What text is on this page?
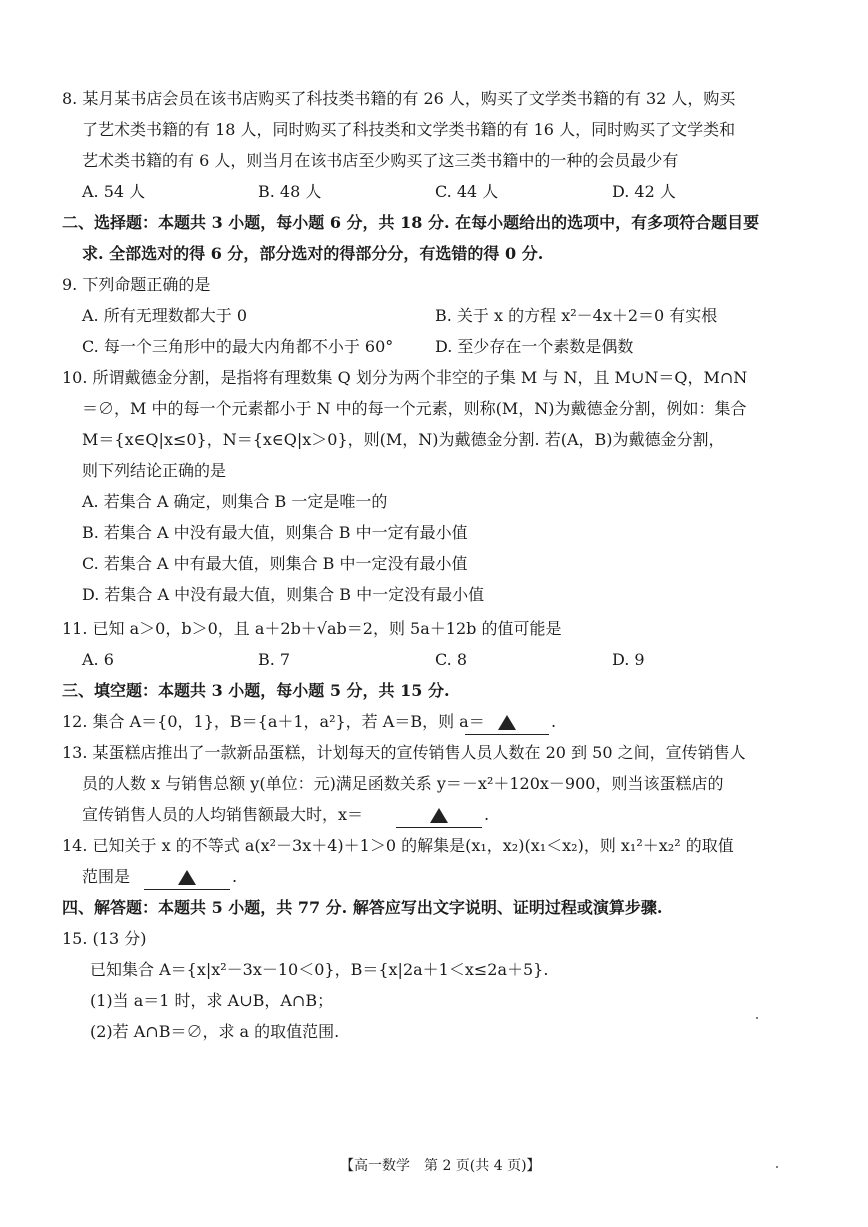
8. 某月某书店会员在该书店购买了科技类书籍的有 26 人，购买了文学类书籍的有 32 人，购买
了艺术类书籍的有 18 人，同时购买了科技类和文学类书籍的有 16 人，同时购买了文学类和
艺术类书籍的有 6 人，则当月在该书店至少购买了这三类书籍中的一种的会员最少有
A. 54 人	B. 48 人	C. 44 人	D. 42 人
二、选择题：本题共 3 小题，每小题 6 分，共 18 分. 在每小题给出的选项中，有多项符合题目要
求. 全部选对的得 6 分，部分选对的得部分分，有选错的得 0 分.
9. 下列命题正确的是
A. 所有无理数都大于 0	B. 关于 x 的方程 x²－4x＋2＝0 有实根
C. 每一个三角形中的最大内角都不小于 60°	D. 至少存在一个素数是偶数
10. 所谓戴德金分割，是指将有理数集 Q 划分为两个非空的子集 M 与 N，且 M∪N＝Q，M∩N
＝∅，M 中的每一个元素都小于 N 中的每一个元素，则称(M，N)为戴德金分割，例如：集合
M＝{x∈Q|x≤0}，N＝{x∈Q|x＞0}，则(M，N)为戴德金分割. 若(A，B)为戴德金分割，
则下列结论正确的是
A. 若集合 A 确定，则集合 B 一定是唯一的
B. 若集合 A 中没有最大值，则集合 B 中一定有最小值
C. 若集合 A 中有最大值，则集合 B 中一定没有最小值
D. 若集合 A 中没有最大值，则集合 B 中一定没有最小值
11. 已知 a＞0，b＞0，且 a＋2b＋√ab＝2，则 5a＋12b 的值可能是
A. 6	B. 7	C. 8	D. 9
三、填空题：本题共 3 小题，每小题 5 分，共 15 分.
12. 集合 A＝{0，1}，B＝{a＋1，a²}，若 A＝B，则 a＝	.
13. 某蛋糕店推出了一款新品蛋糕，计划每天的宣传销售人员人数在 20 到 50 之间，宣传销售人
员的人数 x 与销售总额 y(单位：元)满足函数关系 y＝－x²＋120x－900，则当该蛋糕店的
宣传销售人员的人均销售额最大时，x＝	.
14. 已知关于 x 的不等式 a(x²－3x＋4)＋1＞0 的解集是(x₁，x₂)(x₁＜x₂)，则 x₁²＋x₂² 的取值
范围是	.
四、解答题：本题共 5 小题，共 77 分. 解答应写出文字说明、证明过程或演算步骤.
15. (13 分)
已知集合 A＝{x|x²－3x－10＜0}，B＝{x|2a＋1＜x≤2a＋5}.
(1)当 a＝1 时，求 A∪B，A∩B；
(2)若 A∩B＝∅，求 a 的取值范围.
【高一数学　第 2 页(共 4 页)】
